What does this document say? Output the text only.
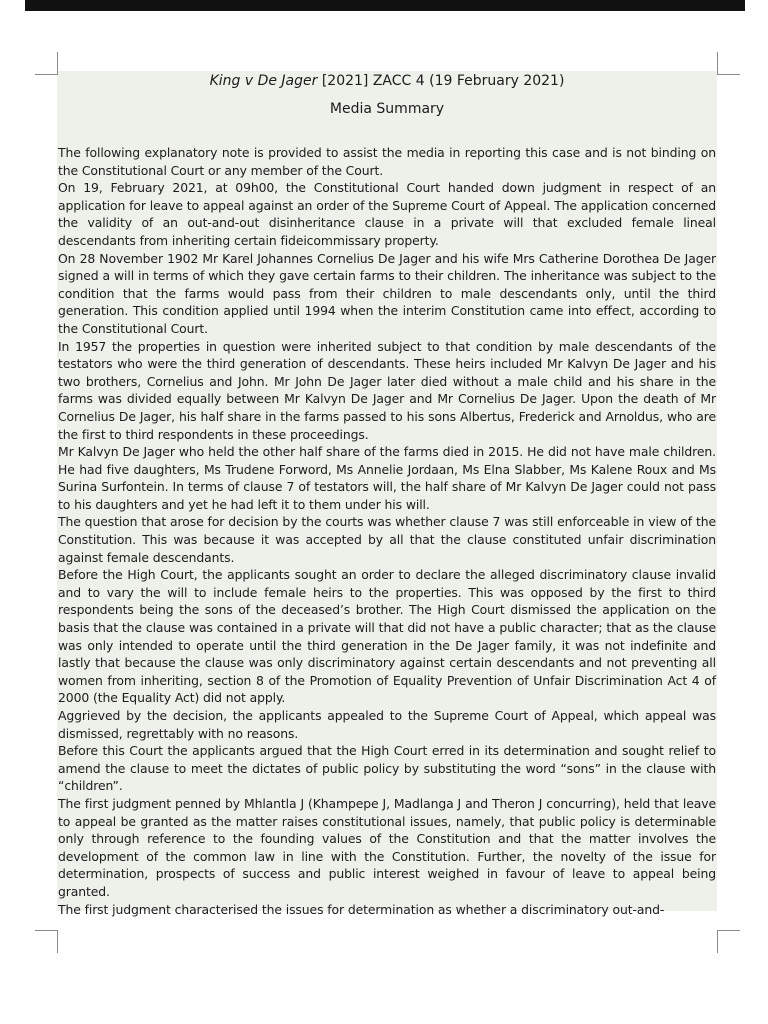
King v De Jager [2021] ZACC 4 (19 February 2021)
Media Summary

The following explanatory note is provided to assist the media in reporting this case and is not binding on the Constitutional Court or any member of the Court.

On 19, February 2021, at 09h00, the Constitutional Court handed down judgment in respect of an application for leave to appeal against an order of the Supreme Court of Appeal. The application concerned the validity of an out-and-out disinheritance clause in a private will that excluded female lineal descendants from inheriting certain fideicommissary property.

On 28 November 1902 Mr Karel Johannes Cornelius De Jager and his wife Mrs Catherine Dorothea De Jager signed a will in terms of which they gave certain farms to their children. The inheritance was subject to the condition that the farms would pass from their children to male descendants only, until the third generation. This condition applied until 1994 when the interim Constitution came into effect, according to the Constitutional Court.

In 1957 the properties in question were inherited subject to that condition by male descendants of the testators who were the third generation of descendants. These heirs included Mr Kalvyn De Jager and his two brothers, Cornelius and John. Mr John De Jager later died without a male child and his share in the farms was divided equally between Mr Kalvyn De Jager and Mr Cornelius De Jager. Upon the death of Mr Cornelius De Jager, his half share in the farms passed to his sons Albertus, Frederick and Arnoldus, who are the first to third respondents in these proceedings.

Mr Kalvyn De Jager who held the other half share of the farms died in 2015. He did not have male children. He had five daughters, Ms Trudene Forword, Ms Annelie Jordaan, Ms Elna Slabber, Ms Kalene Roux and Ms Surina Surfontein. In terms of clause 7 of testators will, the half share of Mr Kalvyn De Jager could not pass to his daughters and yet he had left it to them under his will.

The question that arose for decision by the courts was whether clause 7 was still enforceable in view of the Constitution. This was because it was accepted by all that the clause constituted unfair discrimination against female descendants.

Before the High Court, the applicants sought an order to declare the alleged discriminatory clause invalid and to vary the will to include female heirs to the properties. This was opposed by the first to third respondents being the sons of the deceased’s brother. The High Court dismissed the application on the basis that the clause was contained in a private will that did not have a public character; that as the clause was only intended to operate until the third generation in the De Jager family, it was not indefinite and lastly that because the clause was only discriminatory against certain descendants and not preventing all women from inheriting, section 8 of the Promotion of Equality Prevention of Unfair Discrimination Act 4 of 2000 (the Equality Act) did not apply.

Aggrieved by the decision, the applicants appealed to the Supreme Court of Appeal, which appeal was dismissed, regrettably with no reasons.

Before this Court the applicants argued that the High Court erred in its determination and sought relief to amend the clause to meet the dictates of public policy by substituting the word “sons” in the clause with “children”.

The first judgment penned by Mhlantla J (Khampepe J, Madlanga J and Theron J concurring), held that leave to appeal be granted as the matter raises constitutional issues, namely, that public policy is determinable only through reference to the founding values of the Constitution and that the matter involves the development of the common law in line with the Constitution. Further, the novelty of the issue for determination, prospects of success and public interest weighed in favour of leave to appeal being granted.

The first judgment characterised the issues for determination as whether a discriminatory out-and-
